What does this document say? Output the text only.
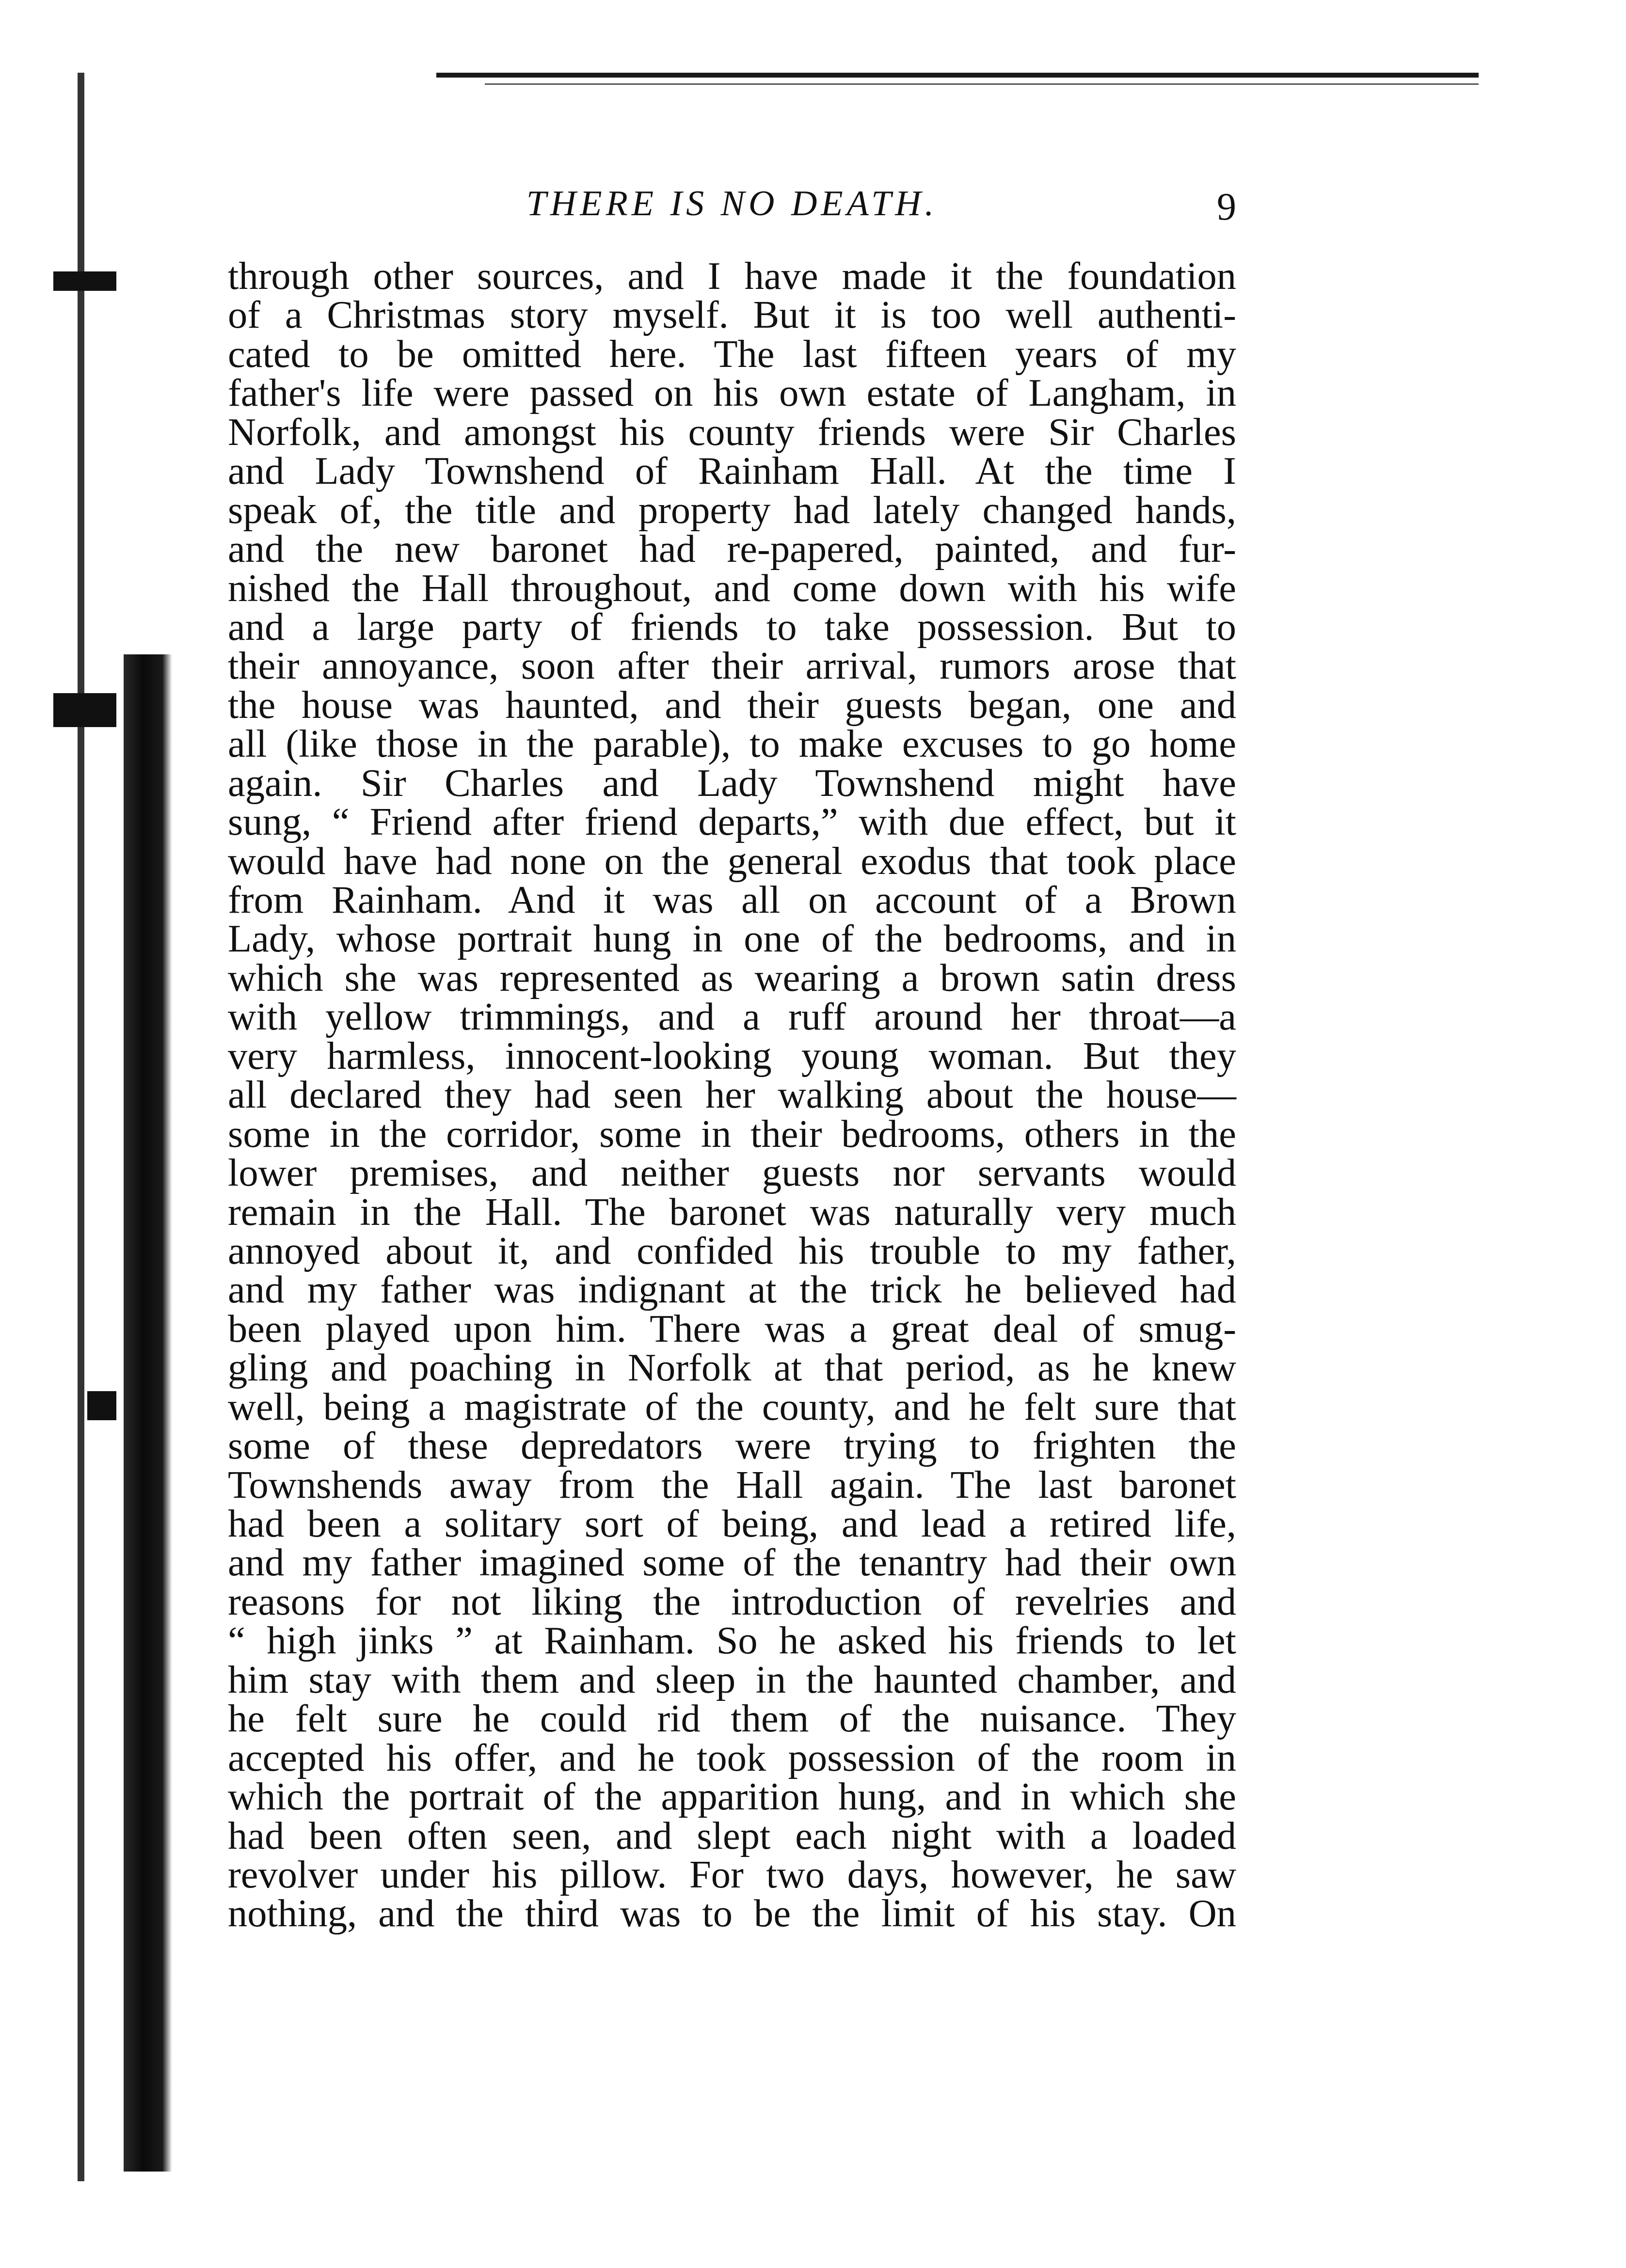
THERE IS NO DEATH.	9
through other sources, and I have made it the foundation
of a Christmas story myself. But it is too well authenti-
cated to be omitted here. The last fifteen years of my
father's life were passed on his own estate of Langham, in
Norfolk, and amongst his county friends were Sir Charles
and Lady Townshend of Rainham Hall. At the time I
speak of, the title and property had lately changed hands,
and the new baronet had re-papered, painted, and fur-
nished the Hall throughout, and come down with his wife
and a large party of friends to take possession. But to
their annoyance, soon after their arrival, rumors arose that
the house was haunted, and their guests began, one and
all (like those in the parable), to make excuses to go home
again. Sir Charles and Lady Townshend might have
sung, “ Friend after friend departs,” with due effect, but it
would have had none on the general exodus that took place
from Rainham. And it was all on account of a Brown
Lady, whose portrait hung in one of the bedrooms, and in
which she was represented as wearing a brown satin dress
with yellow trimmings, and a ruff around her throat—a
very harmless, innocent-looking young woman. But they
all declared they had seen her walking about the house—
some in the corridor, some in their bedrooms, others in the
lower premises, and neither guests nor servants would
remain in the Hall. The baronet was naturally very much
annoyed about it, and confided his trouble to my father,
and my father was indignant at the trick he believed had
been played upon him. There was a great deal of smug-
gling and poaching in Norfolk at that period, as he knew
well, being a magistrate of the county, and he felt sure that
some of these depredators were trying to frighten the
Townshends away from the Hall again. The last baronet
had been a solitary sort of being, and lead a retired life,
and my father imagined some of the tenantry had their own
reasons for not liking the introduction of revelries and
“ high jinks ” at Rainham. So he asked his friends to let
him stay with them and sleep in the haunted chamber, and
he felt sure he could rid them of the nuisance. They
accepted his offer, and he took possession of the room in
which the portrait of the apparition hung, and in which she
had been often seen, and slept each night with a loaded
revolver under his pillow. For two days, however, he saw
nothing, and the third was to be the limit of his stay. On
